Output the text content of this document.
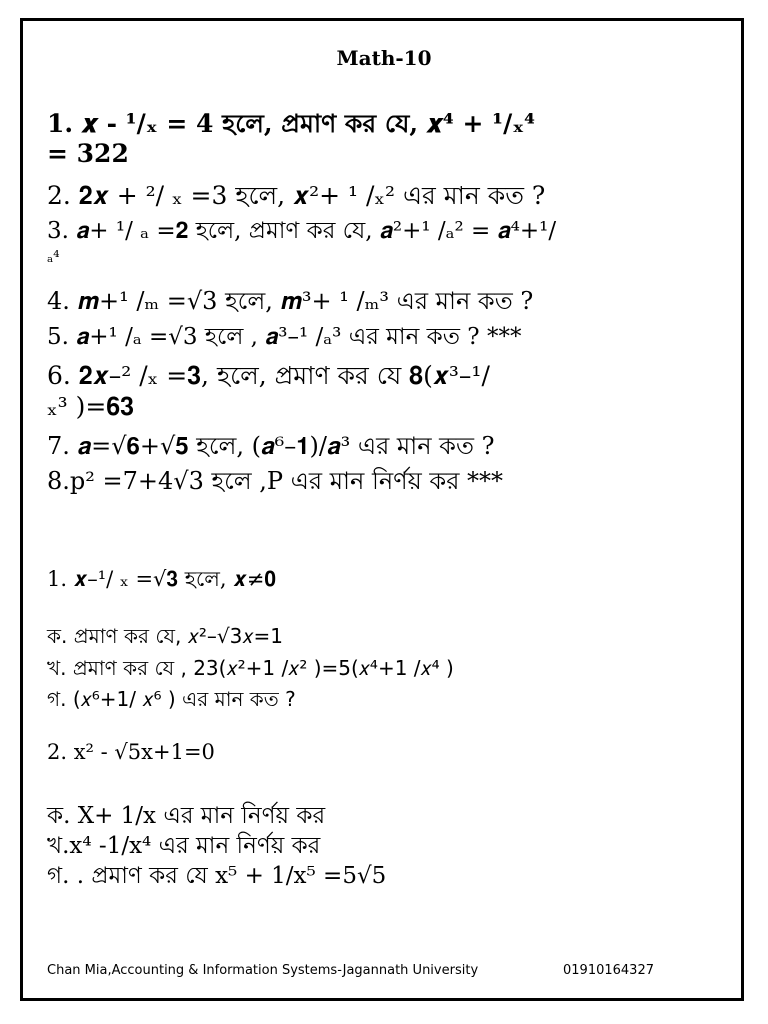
Math-10
1. 𝒙 - ¹/ₓ = 4 হলে, প্রমাণ কর যে, 𝒙⁴ + ¹/ₓ⁴
= 322
2. 𝟐𝒙 + ²/ ₓ =3 হলে, 𝒙²+ ¹ /ₓ² এর মান কত ?
3. 𝒂+ ¹/ ₐ =𝟐 হলে, প্রমাণ কর যে, 𝒂²+¹ /ₐ² = 𝒂⁴+¹/
ₐ⁴
4. 𝒎+¹ /ₘ =√3 হলে, 𝒎³+ ¹ /ₘ³ এর মান কত ?
5. 𝒂+¹ /ₐ =√3 হলে , 𝒂³–¹ /ₐ³ এর মান কত ? ***
6. 𝟐𝒙–² /ₓ =𝟑, হলে, প্রমাণ কর যে 𝟖(𝒙³–¹/
ₓ³ )=𝟔𝟑
7. 𝒂=√𝟔+√𝟓 হলে, (𝒂⁶–𝟏)/𝒂³ এর মান কত ?
8.p² =7+4√3 হলে ,P এর মান নির্ণয় কর ***
1. 𝒙–¹/ ₓ =√𝟑 হলে, 𝒙≠𝟎
ক. প্রমাণ কর যে, 𝑥²–√3𝑥=1
খ. প্রমাণ কর যে , 23(𝑥²+1 /𝑥² )=5(𝑥⁴+1 /𝑥⁴ )
গ. (𝑥⁶+1/ 𝑥⁶ ) এর মান কত ?
2. x² - √5x+1=0
ক. X+ 1/x এর মান নির্ণয় কর
খ.x⁴ -1/x⁴ এর মান নির্ণয় কর
গ. . প্রমাণ কর যে x⁵ + 1/x⁵ =5√5
Chan Mia,Accounting & Information Systems-Jagannath University	01910164327
